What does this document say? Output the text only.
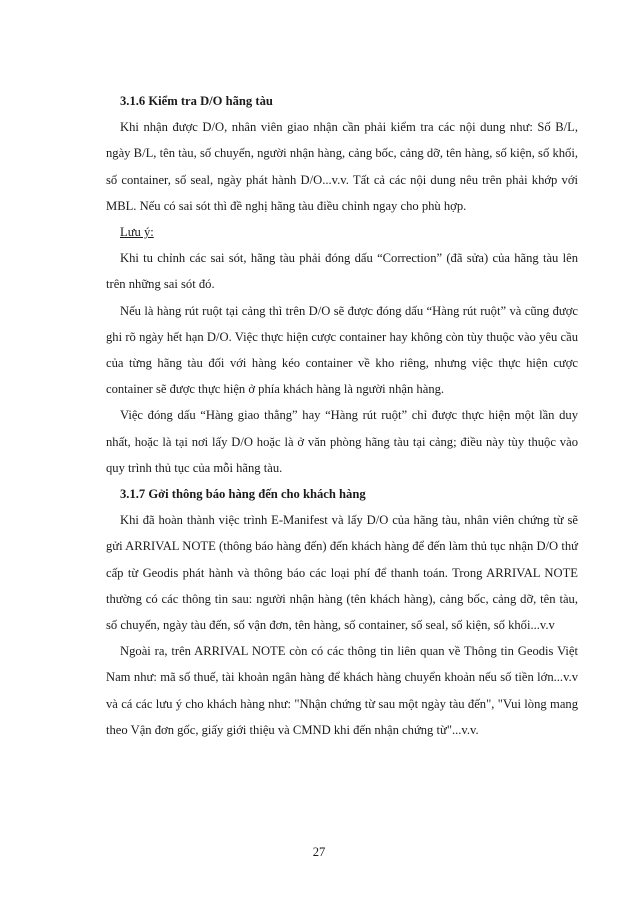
3.1.6 Kiểm tra D/O hãng tàu

Khi nhận được D/O, nhân viên giao nhận cần phải kiểm tra các nội dung như: Số B/L, ngày B/L, tên tàu, số chuyến, người nhận hàng, cảng bốc, cảng dỡ, tên hàng, số kiện, số khối, số container, số seal, ngày phát hành D/O...v.v. Tất cả các nội dung nêu trên phải khớp với MBL. Nếu có sai sót thì đề nghị hãng tàu điều chỉnh ngay cho phù hợp.

Lưu ý:

Khi tu chỉnh các sai sót, hãng tàu phải đóng dấu “Correction” (đã sửa) của hãng tàu lên trên những sai sót đó.

Nếu là hàng rút ruột tại cảng thì trên D/O sẽ được đóng dấu “Hàng rút ruột” và cũng được ghi rõ ngày hết hạn D/O. Việc thực hiện cược container hay không còn tùy thuộc vào yêu cầu của từng hãng tàu đối với hàng kéo container về kho riêng, nhưng việc thực hiện cược container sẽ được thực hiện ở phía khách hàng là người nhận hàng.

Việc đóng dấu “Hàng giao thẳng” hay “Hàng rút ruột” chỉ được thực hiện một lần duy nhất, hoặc là tại nơi lấy D/O hoặc là ở văn phòng hãng tàu tại cảng; điều này tùy thuộc vào quy trình thủ tục của mỗi hãng tàu.

3.1.7 Gởi thông báo hàng đến cho khách hàng

Khi đã hoàn thành việc trình E-Manifest và lấy D/O của hãng tàu, nhân viên chứng từ sẽ gửi ARRIVAL NOTE (thông báo hàng đến) đến khách hàng để đến làm thủ tục nhận D/O thứ cấp từ Geodis phát hành và thông báo các loại phí để thanh toán. Trong ARRIVAL NOTE thường có các thông tin sau: người nhận hàng (tên khách hàng), cảng bốc, cảng dỡ, tên tàu, số chuyến, ngày tàu đến, số vận đơn, tên hàng, số container, số seal, số kiện, số khối...v.v

Ngoài ra, trên ARRIVAL NOTE còn có các thông tin liên quan về Thông tin Geodis Việt Nam như: mã số thuế, tài khoản ngân hàng để khách hàng chuyển khoản nếu số tiền lớn...v.v và cá các lưu ý cho khách hàng như: "Nhận chứng từ sau một ngày tàu đến", "Vui lòng mang theo Vận đơn gốc, giấy giới thiệu và CMND khi đến nhận chứng từ"...v.v.

27
